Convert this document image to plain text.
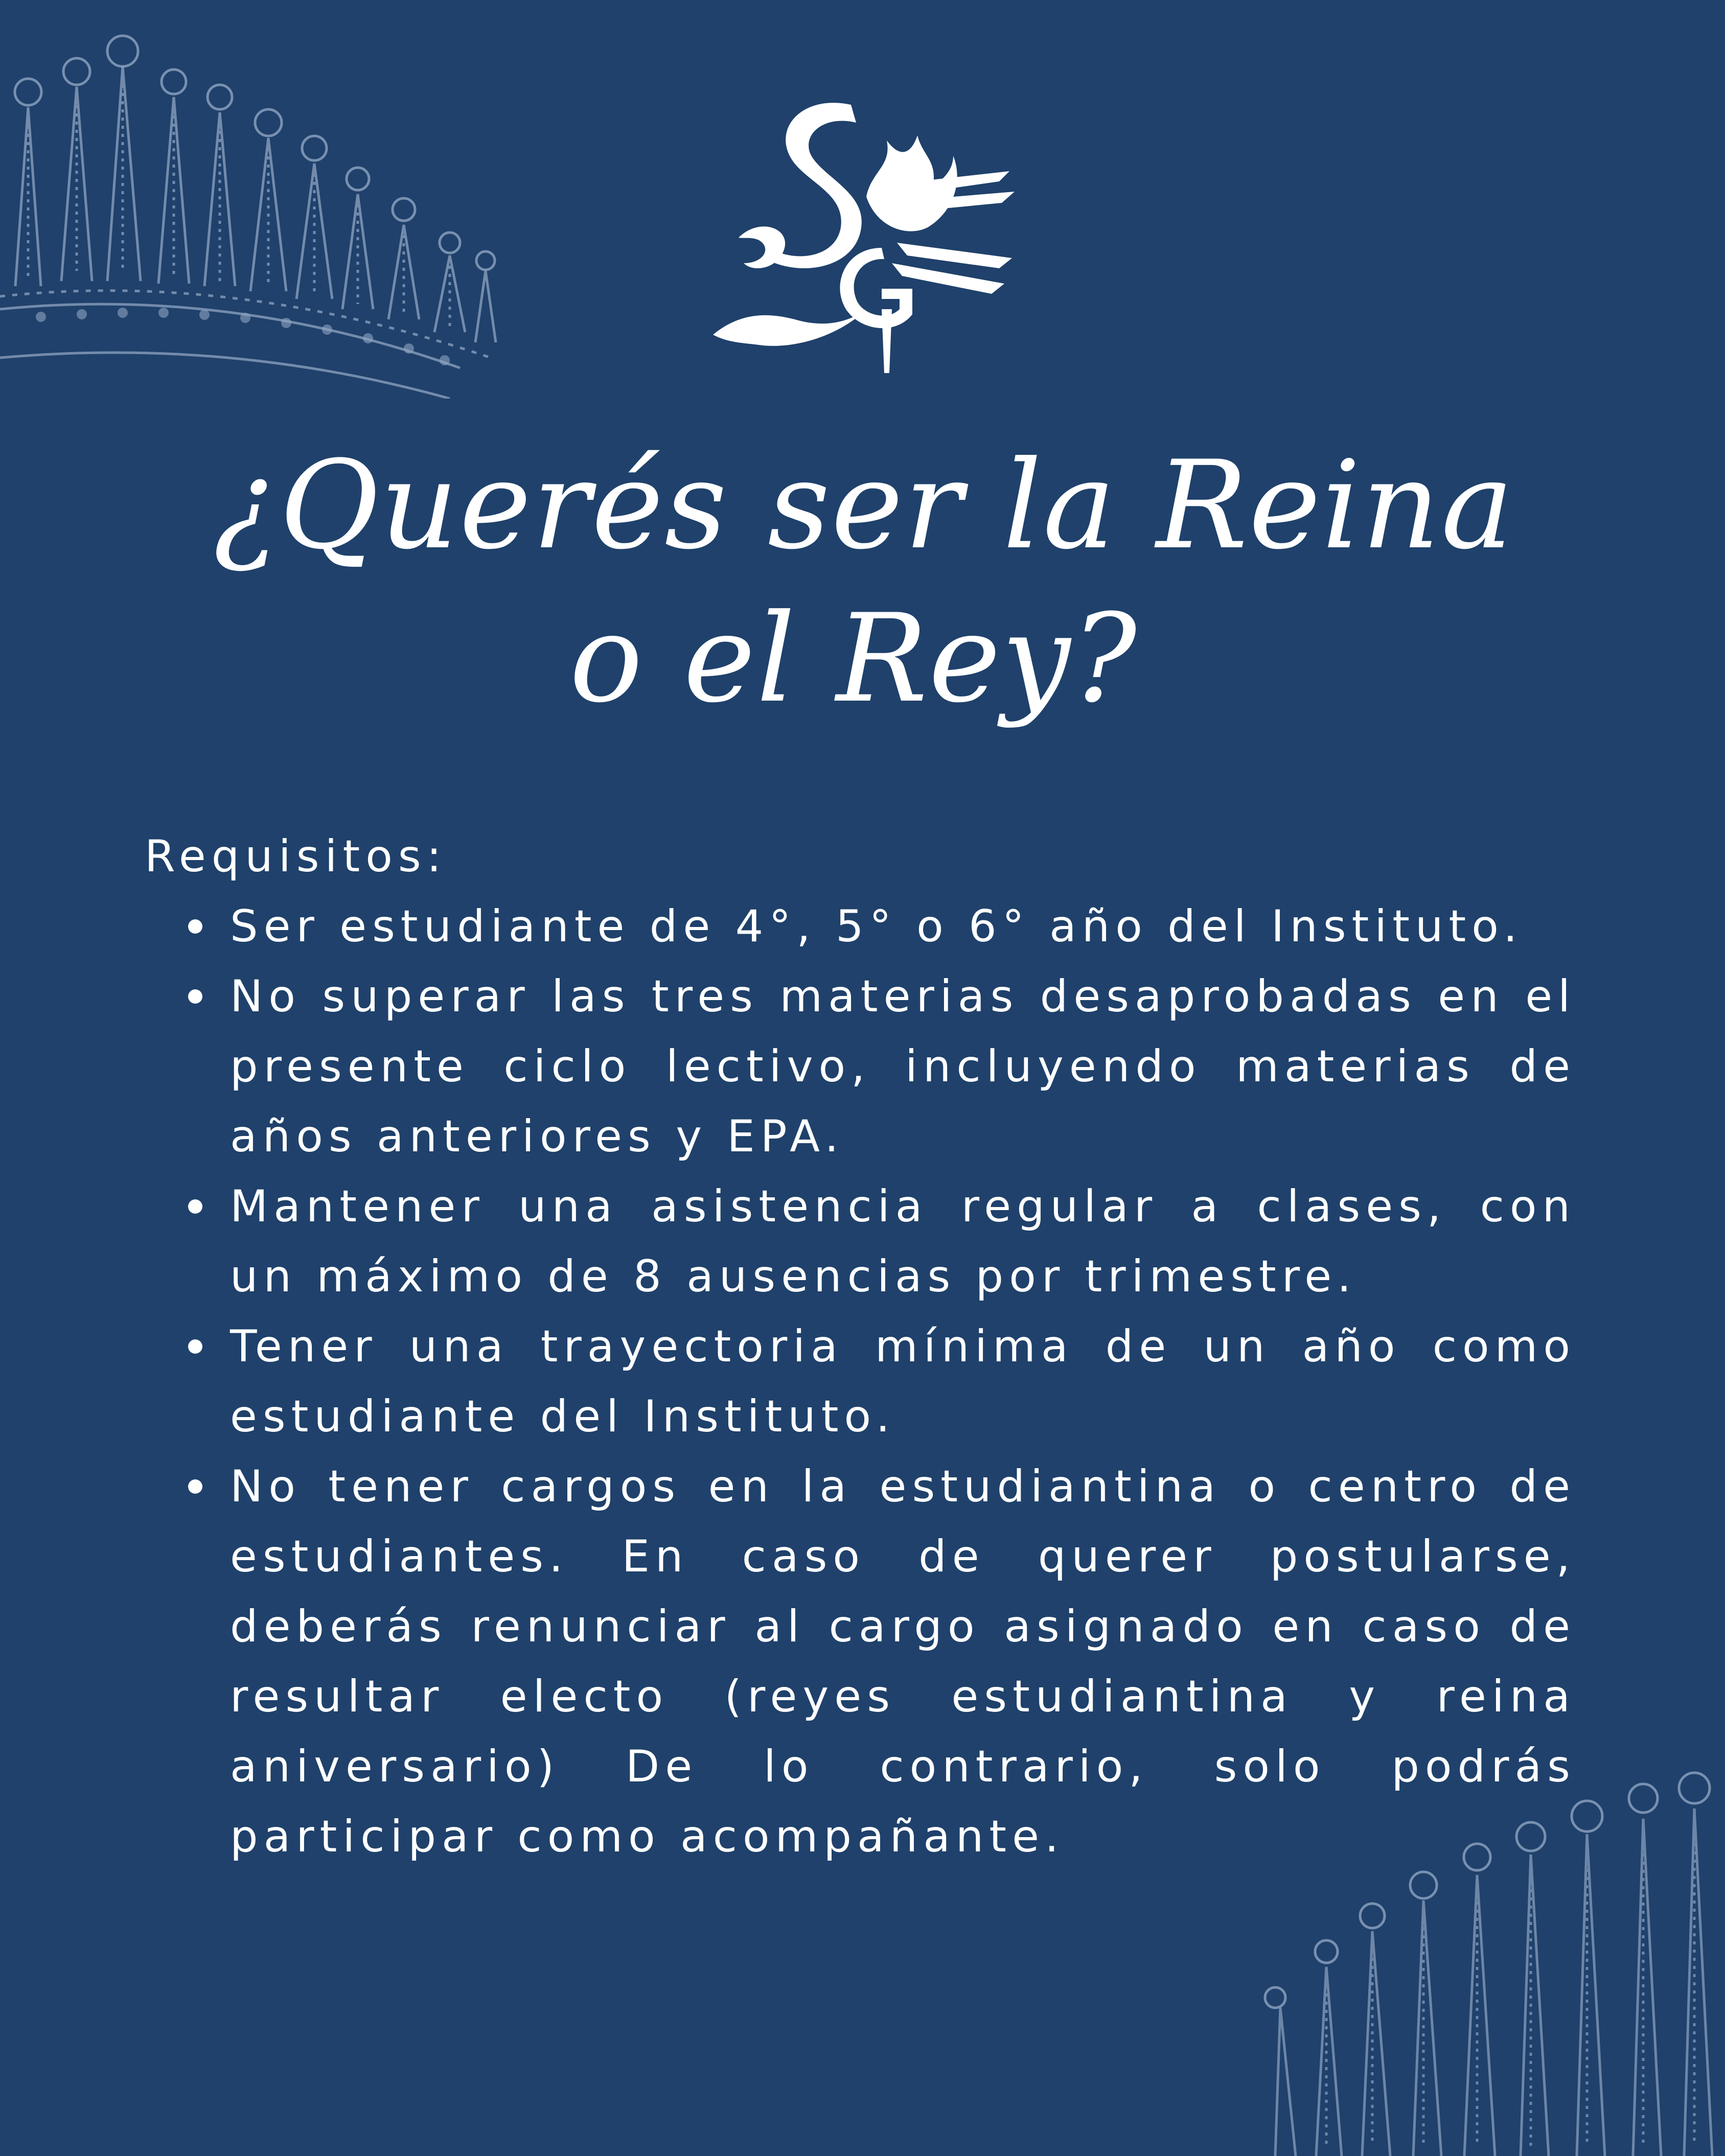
¿Querés ser la Reina
o el Rey?
Requisitos:
Ser estudiante de 4°, 5° o 6° año del Instituto.
No superar las tres materias desaprobadas en el presente ciclo lectivo, incluyendo materias de años anteriores y EPA.
Mantener una asistencia regular a clases, con un máximo de 8 ausencias por trimestre.
Tener una trayectoria mínima de un año como estudiante del Instituto.
No tener cargos en la estudiantina o centro de estudiantes. En caso de querer postularse, deberás renunciar al cargo asignado en caso de resultar electo (reyes estudiantina y reina aniversario) De lo contrario, solo podrás participar como acompañante.
